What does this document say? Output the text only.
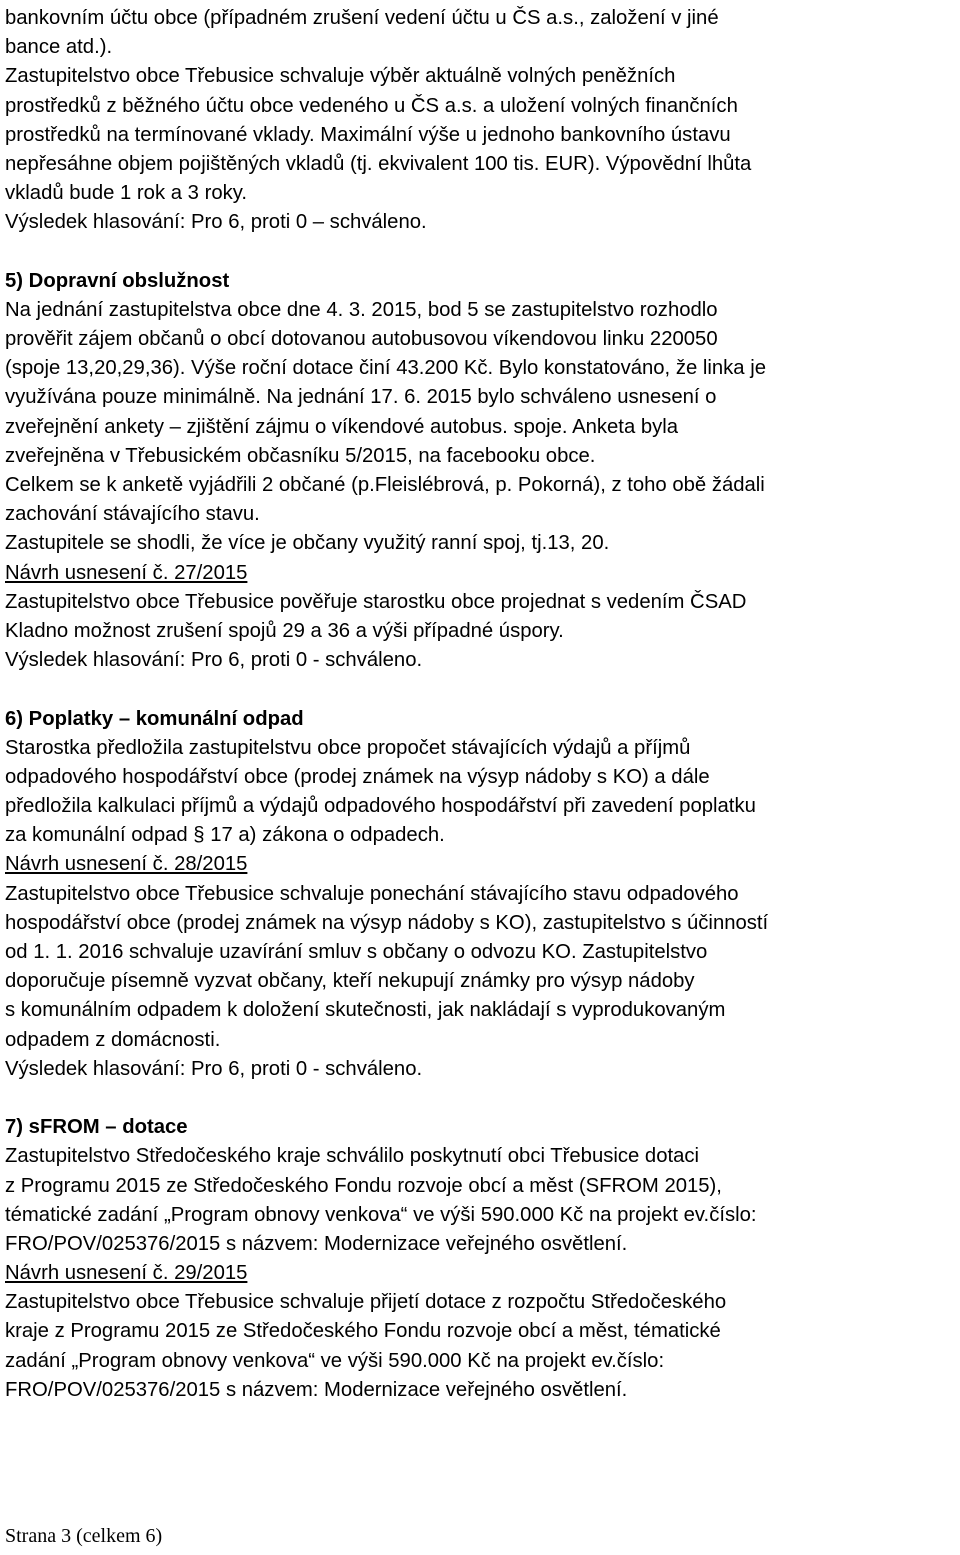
bankovním účtu obce (případném zrušení vedení účtu u ČS a.s., založení v jiné
bance atd.).
Zastupitelstvo obce Třebusice schvaluje výběr aktuálně volných peněžních
prostředků z běžného účtu obce vedeného u ČS a.s. a uložení volných finančních
prostředků na termínované vklady. Maximální výše u jednoho bankovního ústavu
nepřesáhne objem pojištěných vkladů (tj. ekvivalent 100 tis. EUR). Výpovědní lhůta
vkladů bude 1 rok a 3 roky.
Výsledek hlasování: Pro 6, proti 0 – schváleno.
5) Dopravní obslužnost
Na jednání zastupitelstva obce dne 4. 3. 2015, bod 5 se zastupitelstvo rozhodlo
prověřit zájem občanů o obcí dotovanou autobusovou víkendovou linku 220050
(spoje 13,20,29,36). Výše roční dotace činí 43.200 Kč. Bylo konstatováno, že linka je
využívána pouze minimálně. Na jednání 17. 6. 2015 bylo schváleno usnesení o
zveřejnění ankety – zjištění zájmu o víkendové autobus. spoje. Anketa byla
zveřejněna v Třebusickém občasníku 5/2015, na facebooku obce.
Celkem se k anketě vyjádřili 2 občané (p.Fleislébrová, p. Pokorná), z toho obě žádali
zachování stávajícího stavu.
Zastupitele se shodli, že více je občany využitý ranní spoj, tj.13, 20.
Návrh usnesení č. 27/2015
Zastupitelstvo obce Třebusice pověřuje starostku obce projednat s vedením ČSAD
Kladno možnost zrušení spojů 29 a 36 a výši případné úspory.
Výsledek hlasování: Pro 6, proti 0 - schváleno.
6) Poplatky – komunální odpad
Starostka předložila zastupitelstvu obce propočet stávajících výdajů a příjmů
odpadového hospodářství obce (prodej známek na výsyp nádoby s KO) a dále
předložila kalkulaci příjmů a výdajů odpadového hospodářství při zavedení poplatku
za komunální odpad § 17 a) zákona o odpadech.
Návrh usnesení č. 28/2015
Zastupitelstvo obce Třebusice schvaluje ponechání stávajícího stavu odpadového
hospodářství obce (prodej známek na výsyp nádoby s KO), zastupitelstvo s účinností
od 1. 1. 2016 schvaluje uzavírání smluv s občany o odvozu KO. Zastupitelstvo
doporučuje písemně vyzvat občany, kteří nekupují známky pro výsyp nádoby
s komunálním odpadem k doložení skutečnosti, jak nakládají s vyprodukovaným
odpadem z domácnosti.
Výsledek hlasování: Pro 6, proti 0 - schváleno.
7) sFROM – dotace
Zastupitelstvo Středočeského kraje schválilo poskytnutí obci Třebusice dotaci
z Programu 2015 ze Středočeského Fondu rozvoje obcí a měst (SFROM 2015),
tématické zadání „Program obnovy venkova“ ve výši 590.000 Kč na projekt ev.číslo:
FRO/POV/025376/2015 s názvem: Modernizace veřejného osvětlení.
Návrh usnesení č. 29/2015
Zastupitelstvo obce Třebusice schvaluje přijetí dotace z rozpočtu Středočeského
kraje z Programu 2015 ze Středočeského Fondu rozvoje obcí a měst, tématické
zadání „Program obnovy venkova“ ve výši 590.000 Kč na projekt ev.číslo:
FRO/POV/025376/2015 s názvem: Modernizace veřejného osvětlení.
Strana 3 (celkem 6)
